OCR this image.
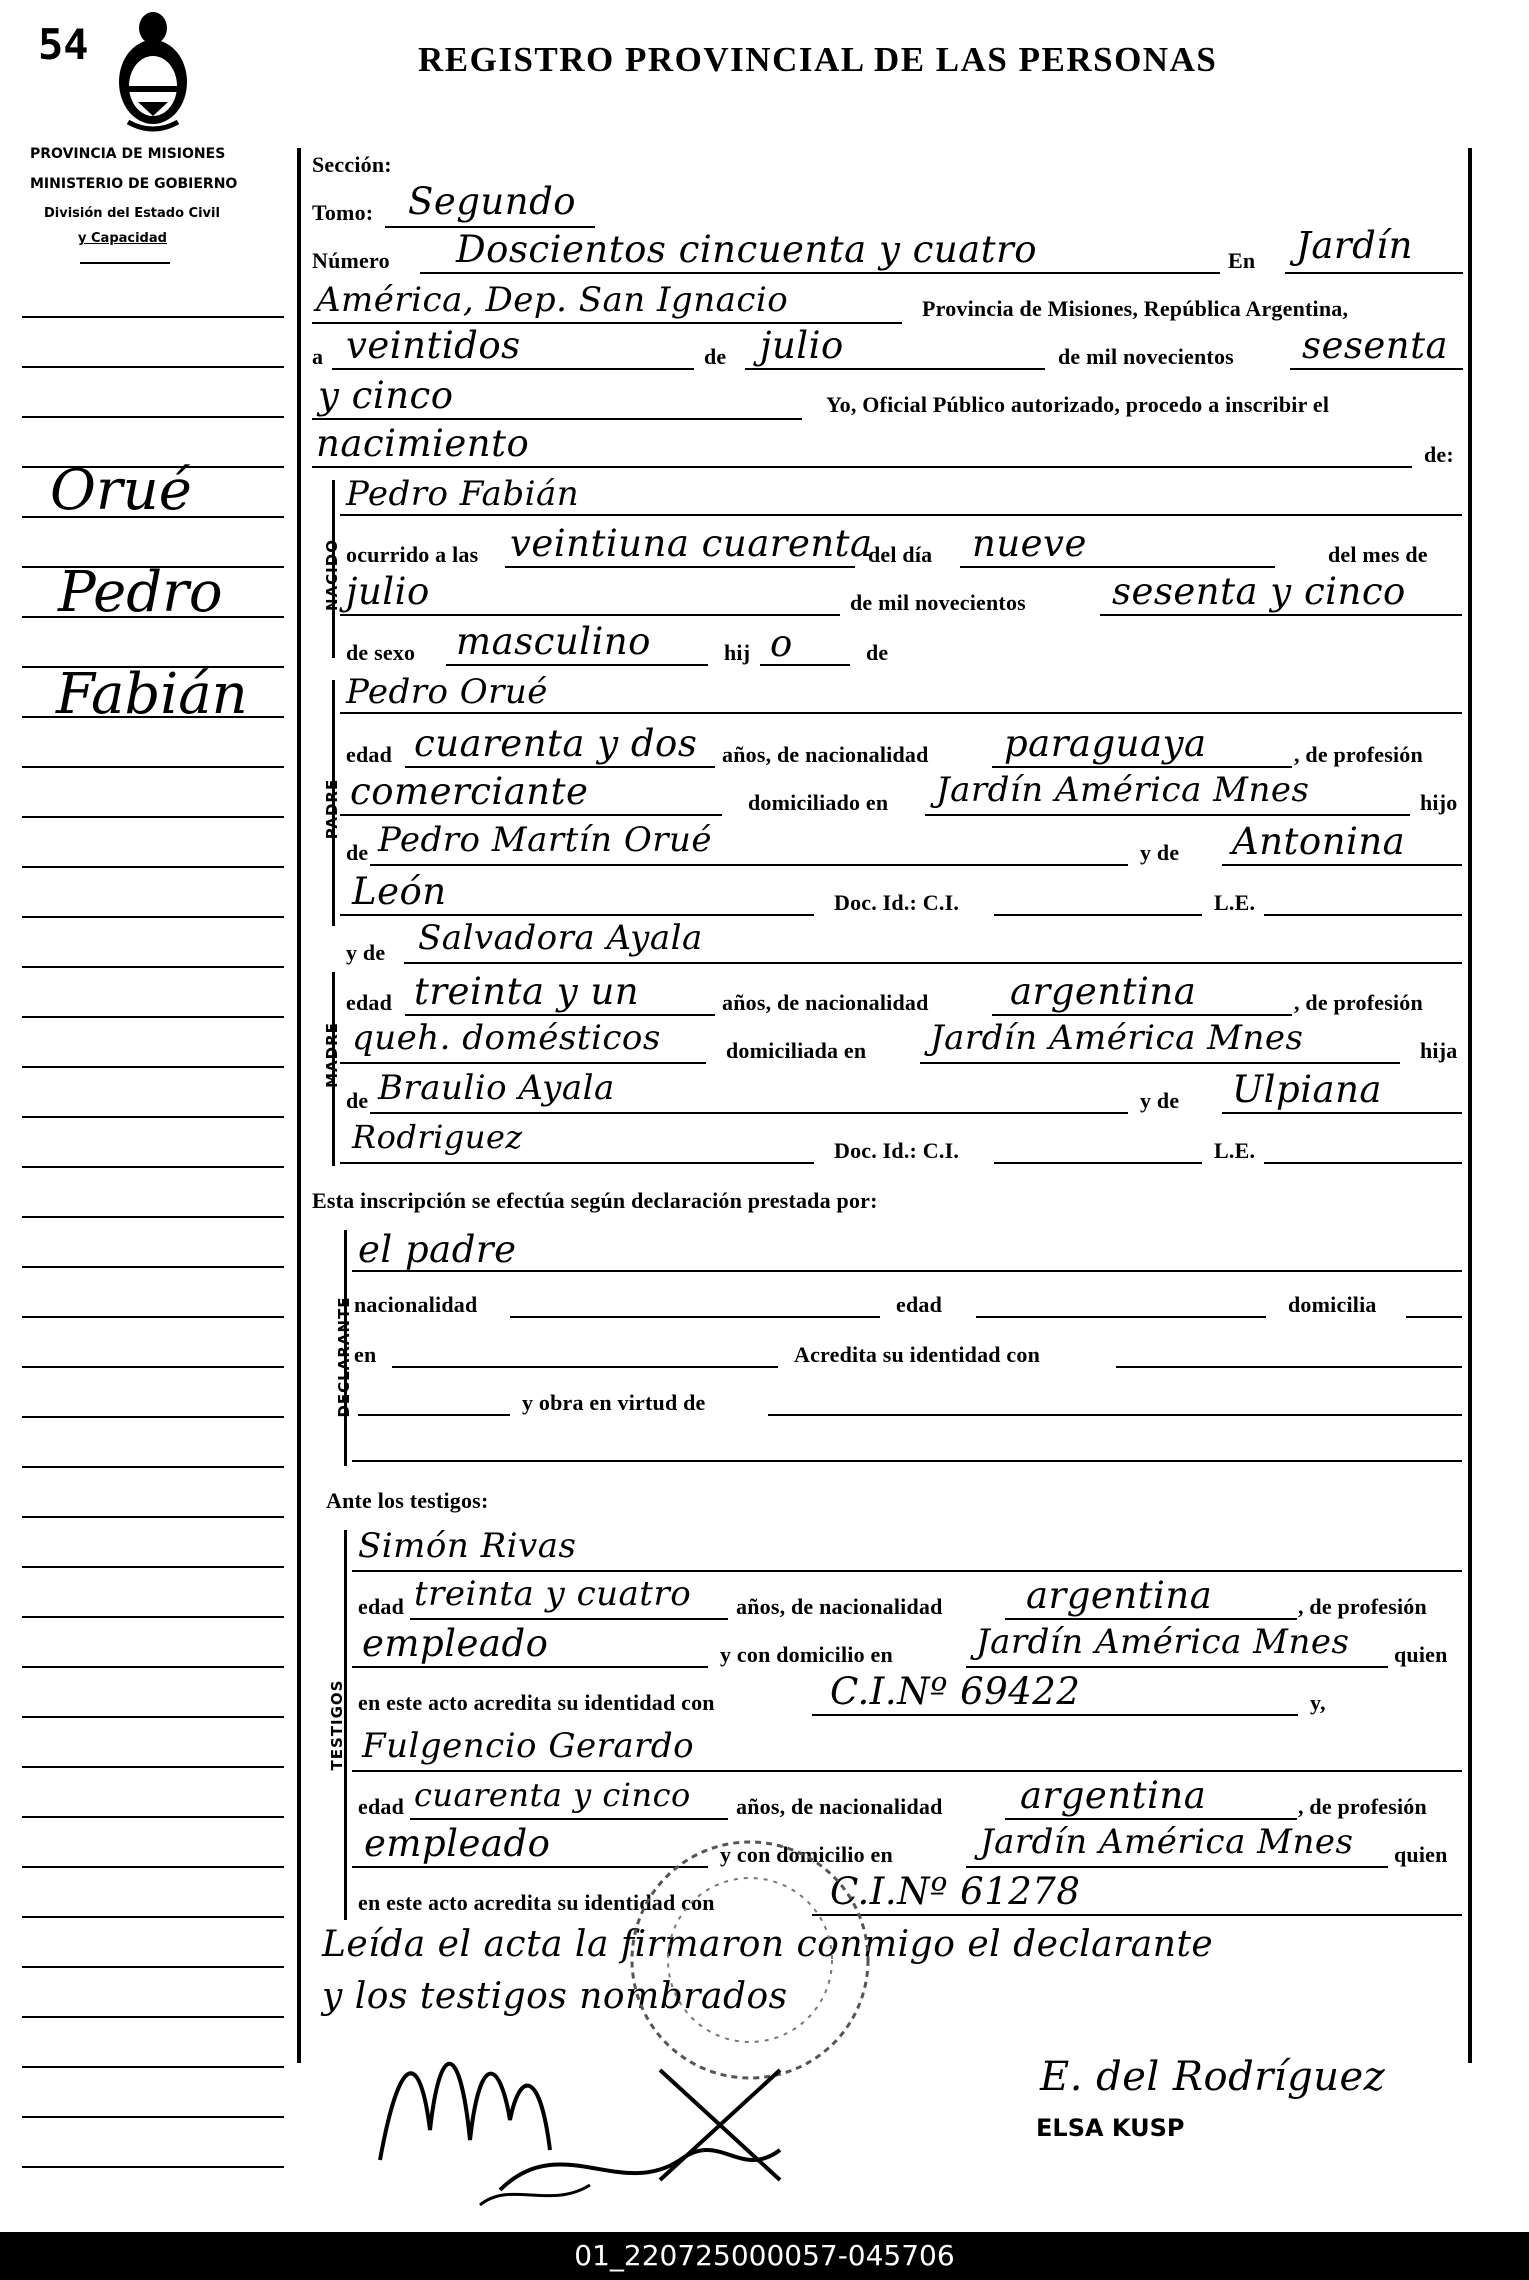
54	REGISTRO PROVINCIAL DE LAS PERSONAS
PROVINCIA DE MISIONES
MINISTERIO DE GOBIERNO
División del Estado Civil
y Capacidad
Orué
Pedro
Fabián
Sección:
Tomo: Segundo
Número Doscientos cincuenta y cuatro	En Jardín
América, Dep. San Ignacio	Provincia de Misiones, República Argentina,
a veintidos	de julio	de mil novecientos sesenta
y cinco	Yo, Oficial Público autorizado, procedo a inscribir el
nacimiento	de:
NACIDO
Pedro Fabián
ocurrido a las veintiuna cuarenta
del día nueve	del mes de
julio	de mil novecientos sesenta y cinco
de sexo masculino	hij o	de
PADRE
Pedro Orué
edad cuarenta y dos años, de nacionalidad paraguaya	, de profesión
comerciante	domiciliado en Jardín América Mnes	hijo
de Pedro Martín Orué	y de Antonina
León	Doc. Id.: C.I.	L.E.
y de Salvadora Ayala
MADRE
edad treinta y un	años, de nacionalidad argentina	, de profesión
queh. domésticos	domiciliada en Jardín América Mnes	hija
de Braulio Ayala	y de Ulpiana
Rodriguez	Doc. Id.: C.I.	L.E.
Esta inscripción se efectúa según declaración prestada por:
DECLARANTE
el padre
nacionalidad	edad	domicilia
en	Acredita su identidad con
y obra en virtud de
Ante los testigos:
TESTIGOS
Simón Rivas
edad treinta y cuatro años, de nacionalidad argentina	, de profesión
empleado	y con domicilio en Jardín América Mnes quien
en este acto acredita su identidad con	C.I.Nº 69422	y,
Fulgencio Gerardo
edad cuarenta y cinco años, de nacionalidad argentina	, de profesión
empleado	y con domicilio en	Jardín América Mnes quien
en este acto acredita su identidad con	C.I.Nº 61278
Leída el acta la firmaron conmigo el declarante
y los testigos nombrados
E. del Rodríguez
ELSA KUSP
01_220725000057-045706
